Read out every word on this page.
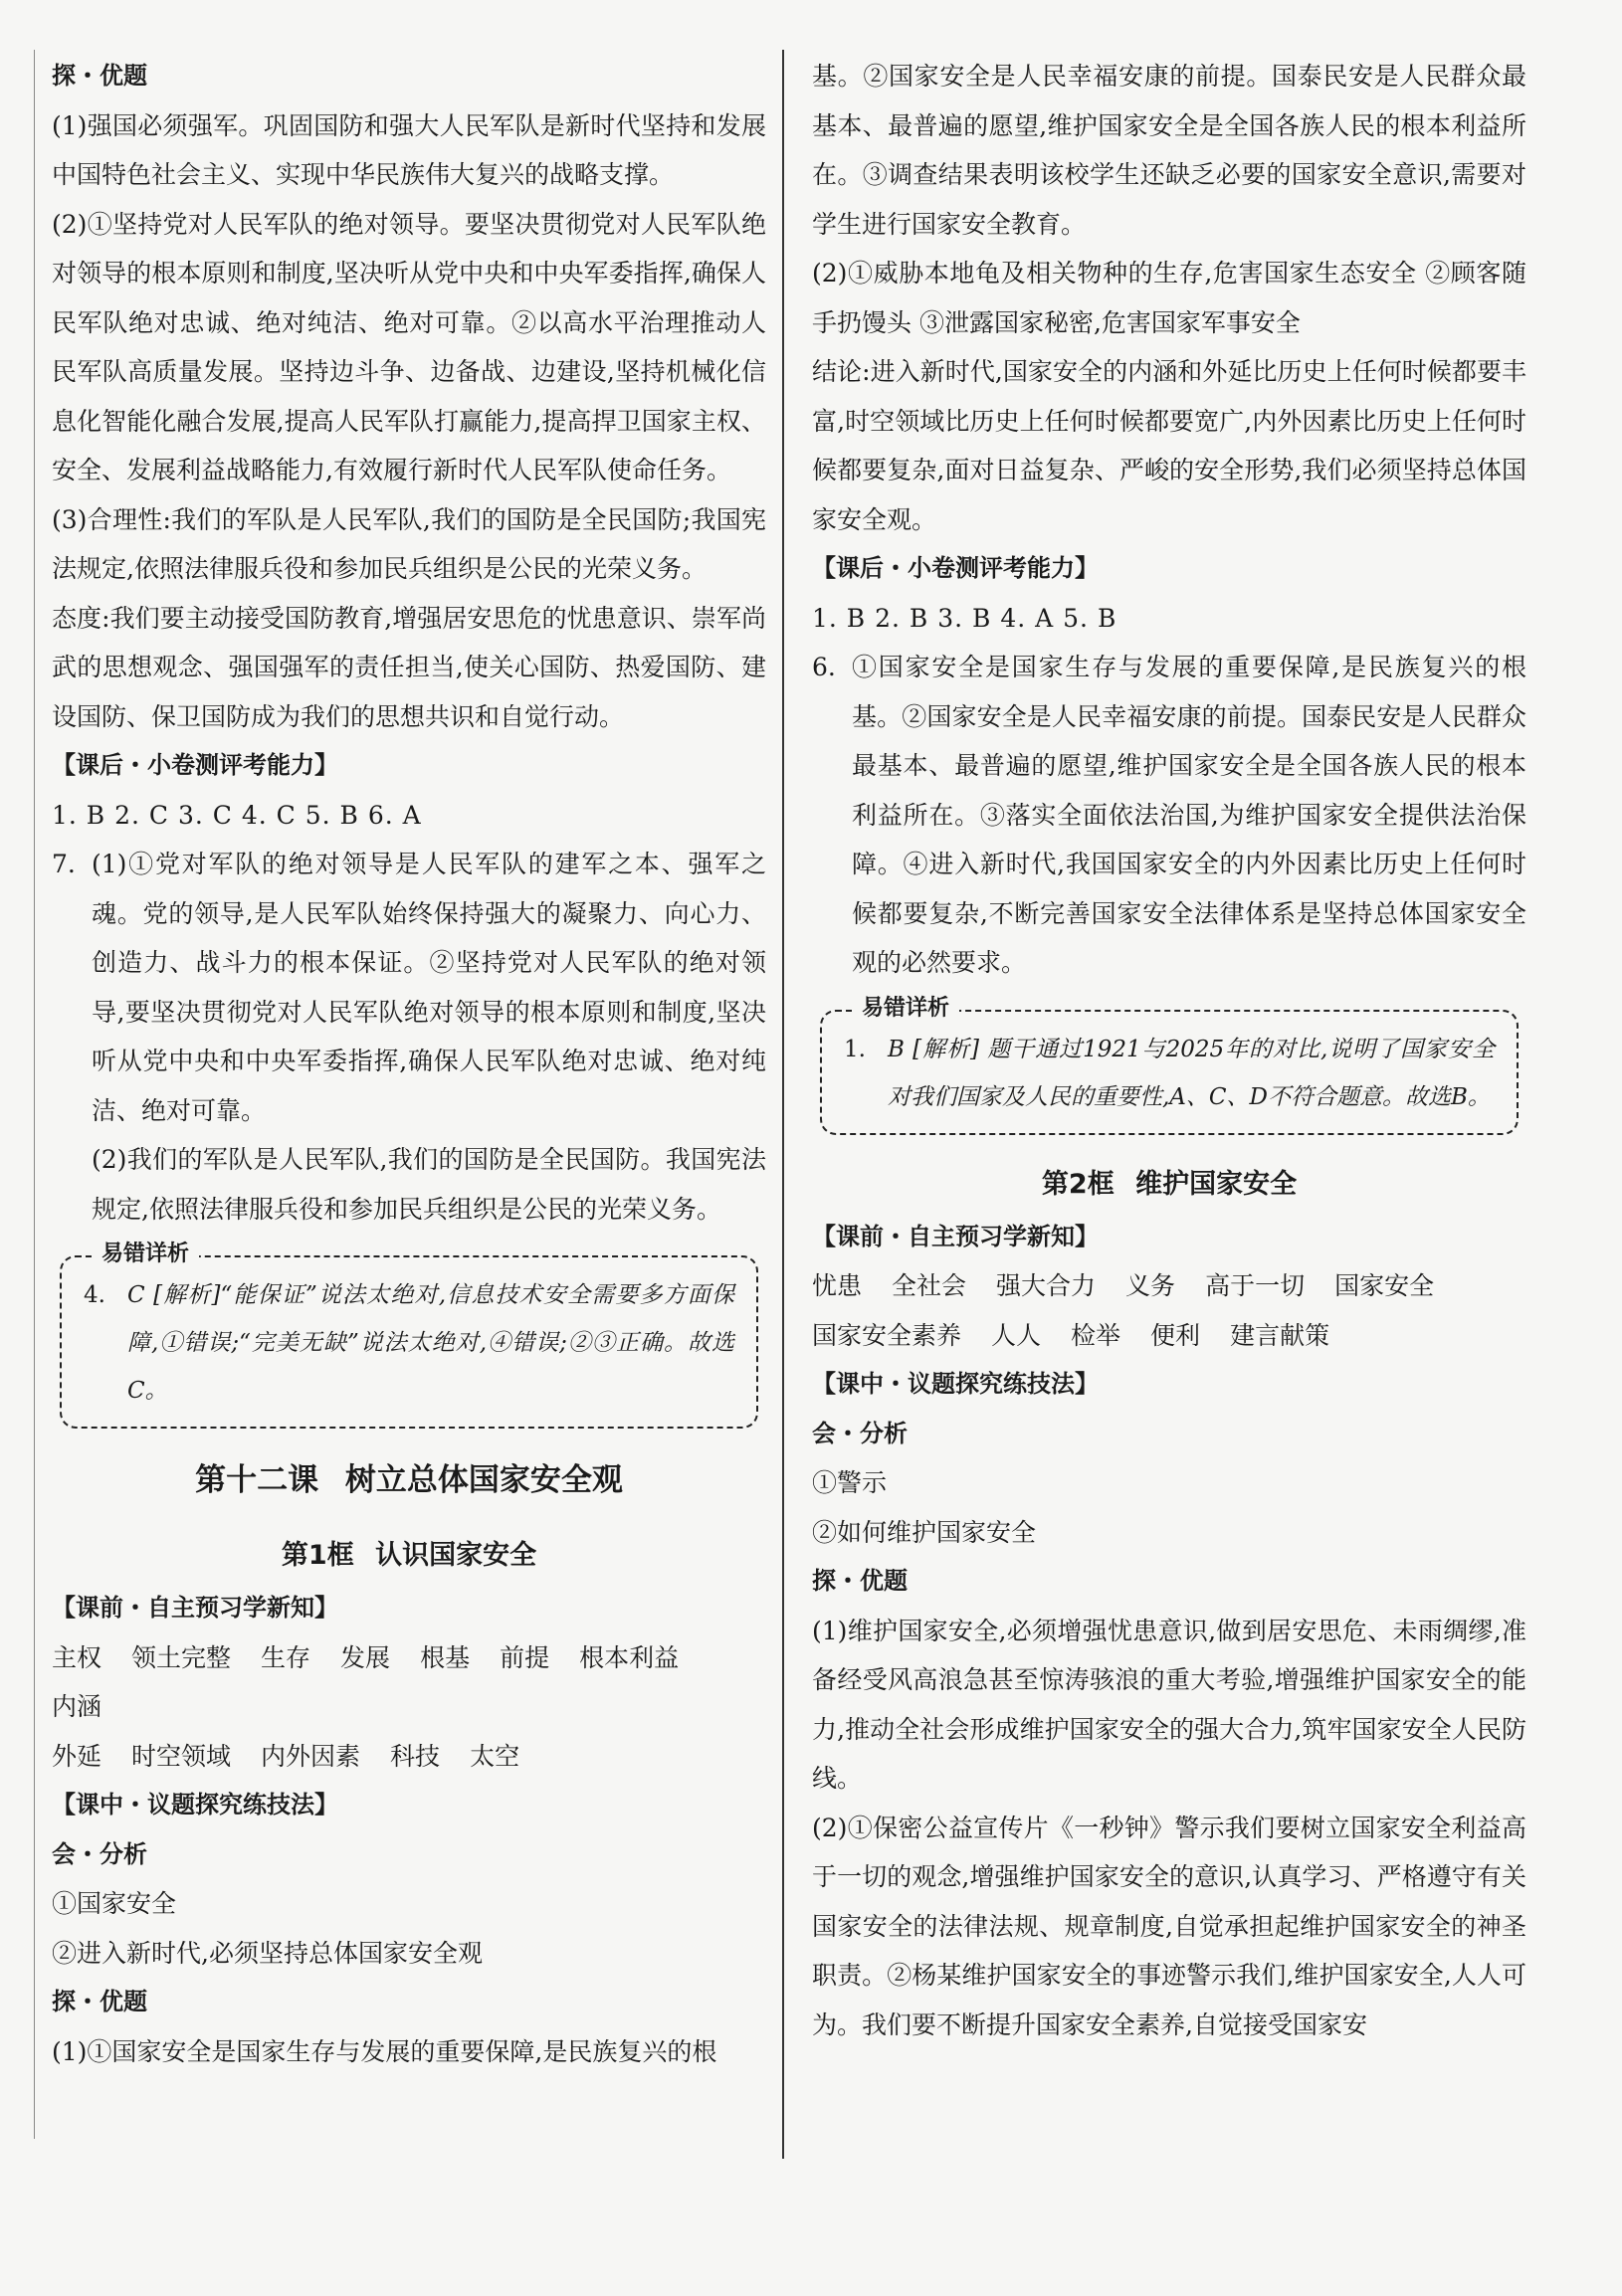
探・优题

(1)强国必须强军。巩固国防和强大人民军队是新时代坚持和发展中国特色社会主义、实现中华民族伟大复兴的战略支撑。

(2)①坚持党对人民军队的绝对领导。要坚决贯彻党对人民军队绝对领导的根本原则和制度,坚决听从党中央和中央军委指挥,确保人民军队绝对忠诚、绝对纯洁、绝对可靠。②以高水平治理推动人民军队高质量发展。坚持边斗争、边备战、边建设,坚持机械化信息化智能化融合发展,提高人民军队打赢能力,提高捍卫国家主权、安全、发展利益战略能力,有效履行新时代人民军队使命任务。

(3)合理性:我们的军队是人民军队,我们的国防是全民国防;我国宪法规定,依照法律服兵役和参加民兵组织是公民的光荣义务。

态度:我们要主动接受国防教育,增强居安思危的忧患意识、崇军尚武的思想观念、强国强军的责任担当,使关心国防、热爱国防、建设国防、保卫国防成为我们的思想共识和自觉行动。

【课后・小卷测评考能力】

1. B 2. C 3. C 4. C 5. B 6. A

7. (1)①党对军队的绝对领导是人民军队的建军之本、强军之魂。党的领导,是人民军队始终保持强大的凝聚力、向心力、创造力、战斗力的根本保证。②坚持党对人民军队的绝对领导,要坚决贯彻党对人民军队绝对领导的根本原则和制度,坚决听从党中央和中央军委指挥,确保人民军队绝对忠诚、绝对纯洁、绝对可靠。

(2)我们的军队是人民军队,我们的国防是全民国防。我国宪法规定,依照法律服兵役和参加民兵组织是公民的光荣义务。

易错详析
4. C [解析]“能保证”说法太绝对,信息技术安全需要多方面保障,①错误;“完美无缺”说法太绝对,④错误;②③正确。故选C。

第十二课 树立总体国家安全观
第1框 认识国家安全

【课前・自主预习学新知】

主权 领土完整 生存 发展 根基 前提 根本利益内涵

外延 时空领域 内外因素 科技 太空

【课中・议题探究练技法】

会・分析

①国家安全

②进入新时代,必须坚持总体国家安全观

探・优题

(1)①国家安全是国家生存与发展的重要保障,是民族复兴的根

基。②国家安全是人民幸福安康的前提。国泰民安是人民群众最基本、最普遍的愿望,维护国家安全是全国各族人民的根本利益所在。③调查结果表明该校学生还缺乏必要的国家安全意识,需要对学生进行国家安全教育。

(2)①威胁本地龟及相关物种的生存,危害国家生态安全 ②顾客随手扔馒头 ③泄露国家秘密,危害国家军事安全

结论:进入新时代,国家安全的内涵和外延比历史上任何时候都要丰富,时空领域比历史上任何时候都要宽广,内外因素比历史上任何时候都要复杂,面对日益复杂、严峻的安全形势,我们必须坚持总体国家安全观。

【课后・小卷测评考能力】

1. B 2. B 3. B 4. A 5. B

6. ①国家安全是国家生存与发展的重要保障,是民族复兴的根基。②国家安全是人民幸福安康的前提。国泰民安是人民群众最基本、最普遍的愿望,维护国家安全是全国各族人民的根本利益所在。③落实全面依法治国,为维护国家安全提供法治保障。④进入新时代,我国国家安全的内外因素比历史上任何时候都要复杂,不断完善国家安全法律体系是坚持总体国家安全观的必然要求。

易错详析
1. B [解析] 题干通过1921与2025年的对比,说明了国家安全对我们国家及人民的重要性,A、C、D不符合题意。故选B。

第2框 维护国家安全

【课前・自主预习学新知】

忧患 全社会 强大合力 义务 高于一切 国家安全

国家安全素养 人人 检举 便利 建言献策

【课中・议题探究练技法】

会・分析

①警示

②如何维护国家安全

探・优题

(1)维护国家安全,必须增强忧患意识,做到居安思危、未雨绸缪,准备经受风高浪急甚至惊涛骇浪的重大考验,增强维护国家安全的能力,推动全社会形成维护国家安全的强大合力,筑牢国家安全人民防线。

(2)①保密公益宣传片《一秒钟》警示我们要树立国家安全利益高于一切的观念,增强维护国家安全的意识,认真学习、严格遵守有关国家安全的法律法规、规章制度,自觉承担起维护国家安全的神圣职责。②杨某维护国家安全的事迹警示我们,维护国家安全,人人可为。我们要不断提升国家安全素养,自觉接受国家安
